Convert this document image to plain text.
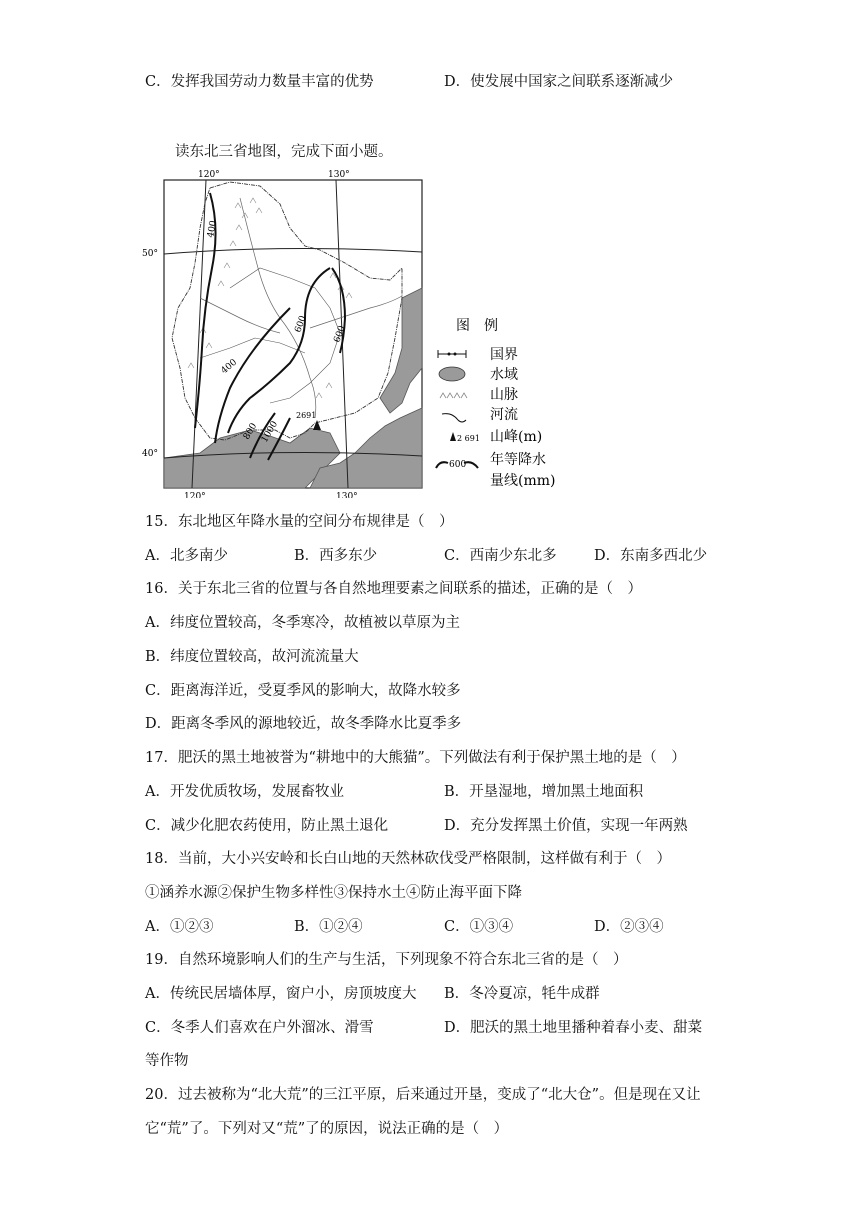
C．发挥我国劳动力数量丰富的优势	D．使发展中国家之间联系逐渐减少
读东北三省地图，完成下面小题。
400
400
600
600
800 1000
2691
120°	130°
120°	130°
50°
40°
图　例
国界
水域
山脉
河流
2 691 山峰(m)
600 年等降水
量线(mm)
15．东北地区年降水量的空间分布规律是（　）
A．北多南少	B．西多东少	C．西南少东北多	D．东南多西北少
16．关于东北三省的位置与各自然地理要素之间联系的描述，正确的是（　）
A．纬度位置较高，冬季寒冷，故植被以草原为主
B．纬度位置较高，故河流流量大
C．距离海洋近，受夏季风的影响大，故降水较多
D．距离冬季风的源地较近，故冬季降水比夏季多
17．肥沃的黑土地被誉为“耕地中的大熊猫”。下列做法有利于保护黑土地的是（　）
A．开发优质牧场，发展畜牧业	B．开垦湿地，增加黑土地面积
C．减少化肥农药使用，防止黑土退化	D．充分发挥黑土价值，实现一年两熟
18．当前，大小兴安岭和长白山地的天然林砍伐受严格限制，这样做有利于（　）
①涵养水源②保护生物多样性③保持水土④防止海平面下降
A．①②③	B．①②④	C．①③④	D．②③④
19．自然环境影响人们的生产与生活，下列现象不符合东北三省的是（　）
A．传统民居墙体厚，窗户小，房顶坡度大 B．冬冷夏凉，牦牛成群
C．冬季人们喜欢在户外溜冰、滑雪	D．肥沃的黑土地里播种着春小麦、甜菜
等作物
20．过去被称为“北大荒”的三江平原，后来通过开垦，变成了“北大仓”。但是现在又让
它“荒”了。下列对又“荒”了的原因，说法正确的是（　）
